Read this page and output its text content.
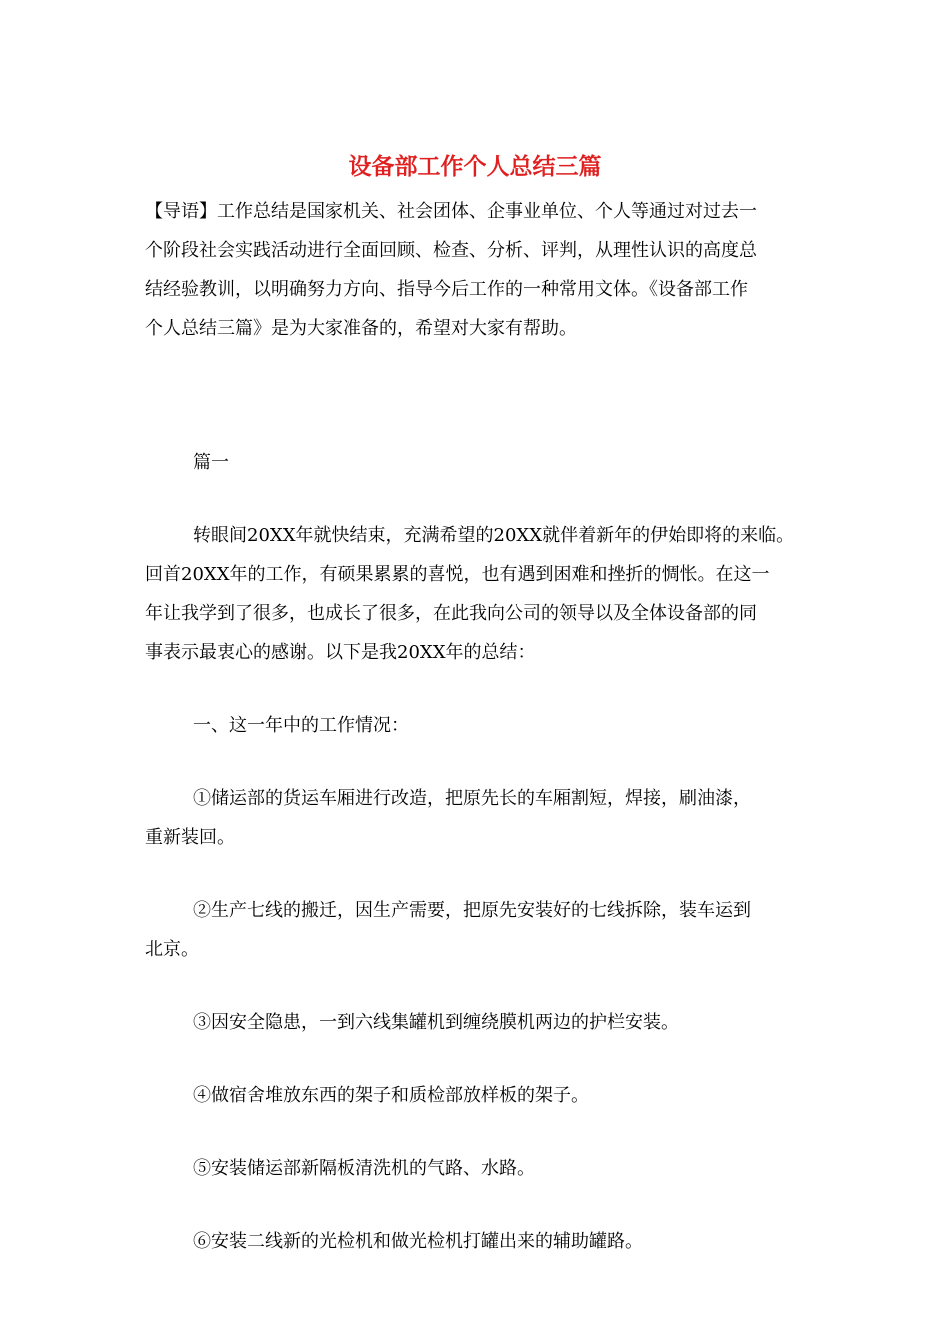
设备部工作个人总结三篇

【导语】工作总结是国家机关、社会团体、企事业单位、个人等通过对过去一

个阶段社会实践活动进行全面回顾、检查、分析、评判，从理性认识的高度总

结经验教训，以明确努力方向、指导今后工作的一种常用文体。《设备部工作

个人总结三篇》是为大家准备的，希望对大家有帮助。

篇一

转眼间20XX年就快结束，充满希望的20XX就伴着新年的伊始即将的来临。

回首20XX年的工作，有硕果累累的喜悦，也有遇到困难和挫折的惆怅。在这一

年让我学到了很多，也成长了很多，在此我向公司的领导以及全体设备部的同

事表示最衷心的感谢。以下是我20XX年的总结：

一、这一年中的工作情况：

①储运部的货运车厢进行改造，把原先长的车厢割短，焊接，刷油漆，

重新装回。

②生产七线的搬迁，因生产需要，把原先安装好的七线拆除，装车运到

北京。

③因安全隐患，一到六线集罐机到缠绕膜机两边的护栏安装。

④做宿舍堆放东西的架子和质检部放样板的架子。

⑤安装储运部新隔板清洗机的气路、水路。

⑥安装二线新的光检机和做光检机打罐出来的辅助罐路。
